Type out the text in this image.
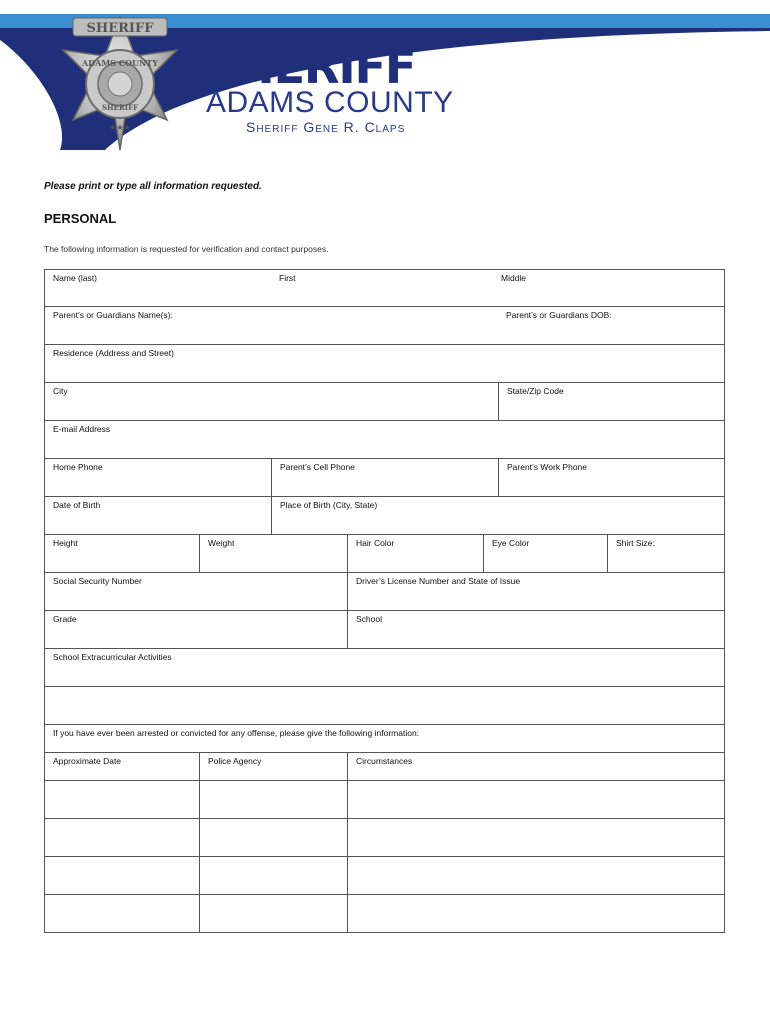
SHERIFF
ADAMS COUNTY
SHERIFF
★★★
SHERIFF
ADAMS COUNTY
Sheriff Gene R. Claps
Please print or type all information requested.
PERSONAL
The following information is requested for verification and contact purposes.
Name (last)	First	Middle
Parent’s or Guardians Name(s):	Parent’s or Guardians DOB:
Residence (Address and Street)
City	State/Zip Code
E-mail Address
Home Phone	Parent’s Cell Phone	Parent’s Work Phone
Date of Birth	Place of Birth (City, State)
Height	Weight	Hair Color	Eye Color	Shirt Size:
Social Security Number	Driver’s License Number and State of Issue
Grade	School
School Extracurricular Activities
If you have ever been arrested or convicted for any offense, please give the following information:
Approximate Date	Police Agency	Circumstances
